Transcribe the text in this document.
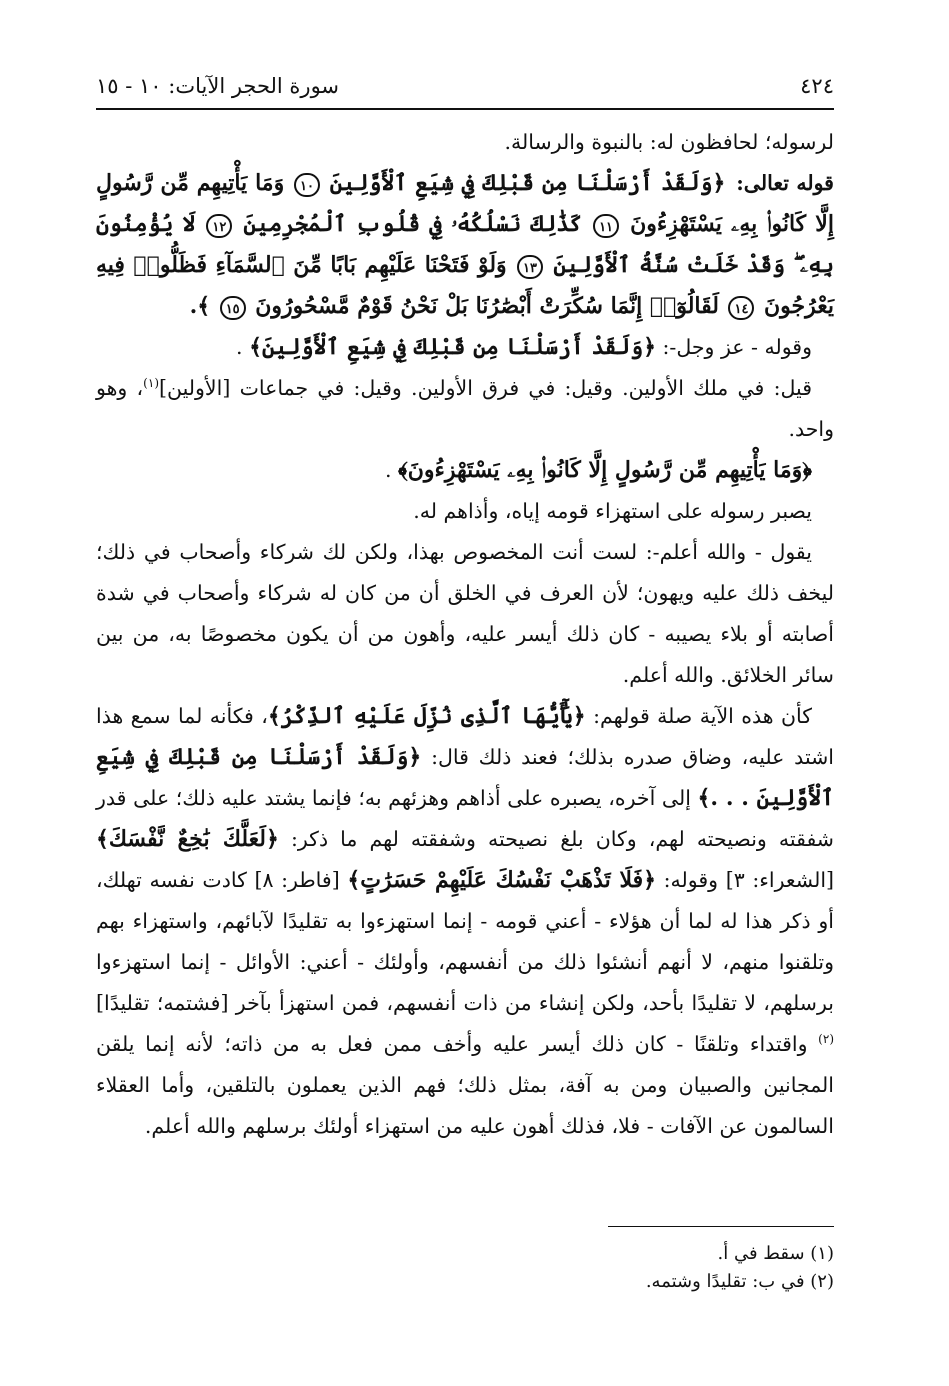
٤٢٤
سورة الحجر الآيات: ١٠ - ١٥

لرسوله؛ لحافظون له: بالنبوة والرسالة.

قوله تعالى: ﴿وَلَقَدْ أَرْسَلْنَا مِن قَبْلِكَ فِي شِيَعِ ٱلْأَوَّلِينَ ١٠ وَمَا يَأْتِيهِم مِّن رَّسُولٍ إِلَّا كَانُوا۟ بِهِۦ يَسْتَهْزِءُونَ ١١ كَذَٰلِكَ نَسْلُكُهُۥ فِي قُلُوبِ ٱلْمُجْرِمِينَ ١٢ لَا يُؤْمِنُونَ بِهِۦ ۖ وَقَدْ خَلَتْ سُنَّةُ ٱلْأَوَّلِينَ ١٣ وَلَوْ فَتَحْنَا عَلَيْهِم بَابًا مِّنَ ٱلسَّمَآءِ فَظَلُّوا۟ فِيهِ يَعْرُجُونَ ١٤ لَقَالُوٓا۟ إِنَّمَا سُكِّرَتْ أَبْصَٰرُنَا بَلْ نَحْنُ قَوْمٌ مَّسْحُورُونَ ١٥ ﴾.

وقوله - عز وجل-: ﴿وَلَقَدْ أَرْسَلْنَا مِن قَبْلِكَ فِي شِيَعِ ٱلْأَوَّلِينَ﴾ .

قيل: في ملك الأولين. وقيل: في فرق الأولين. وقيل: في جماعات [الأولين]$^{(١)}$، وهو واحد.

﴿وَمَا يَأْتِيهِم مِّن رَّسُولٍ إِلَّا كَانُوا۟ بِهِۦ يَسْتَهْزِءُونَ﴾ .

يصبر رسوله على استهزاء قومه إياه، وأذاهم له.

يقول - والله أعلم-: لست أنت المخصوص بهذا، ولكن لك شركاء وأصحاب في ذلك؛ ليخف ذلك عليه ويهون؛ لأن العرف في الخلق أن من كان له شركاء وأصحاب في شدة أصابته أو بلاء يصيبه - كان ذلك أيسر عليه، وأهون من أن يكون مخصوصًا به، من بين سائر الخلائق. والله أعلم.

كأن هذه الآية صلة قولهم: ﴿يَٰٓأَيُّهَا ٱلَّذِى نُزِّلَ عَلَيْهِ ٱلذِّكْرُ﴾، فكأنه لما سمع هذا اشتد عليه، وضاق صدره بذلك؛ فعند ذلك قال: ﴿وَلَقَدْ أَرْسَلْنَا مِن قَبْلِكَ فِي شِيَعِ ٱلْأَوَّلِينَ . . .﴾ إلى آخره، يصبره على أذاهم وهزئهم به؛ فإنما يشتد عليه ذلك؛ على قدر شفقته ونصيحته لهم، وكان بلغ نصيحته وشفقته لهم ما ذكر: ﴿لَعَلَّكَ بَٰخِعٌ نَّفْسَكَ﴾ [الشعراء: ٣] وقوله: ﴿فَلَا تَذْهَبْ نَفْسُكَ عَلَيْهِمْ حَسَرَٰتٍ﴾ [فاطر: ٨] كادت نفسه تهلك، أو ذكر هذا له لما أن هؤلاء - أعني قومه - إنما استهزءوا به تقليدًا لآبائهم، واستهزاء بهم وتلقنوا منهم، لا أنهم أنشئوا ذلك من أنفسهم، وأولئك - أعني: الأوائل - إنما استهزءوا برسلهم، لا تقليدًا بأحد، ولكن إنشاء من ذات أنفسهم، فمن استهزأ بآخر [فشتمه؛ تقليدًا]$^{(٢)}$ واقتداء وتلقنًا - كان ذلك أيسر عليه وأخف ممن فعل به من ذاته؛ لأنه إنما يلقن المجانين والصبيان ومن به آفة، بمثل ذلك؛ فهم الذين يعملون بالتلقين، وأما العقلاء السالمون عن الآفات - فلا، فذلك أهون عليه من استهزاء أولئك برسلهم والله أعلم.

(١) سقط في أ.
(٢) في ب: تقليدًا وشتمه.
